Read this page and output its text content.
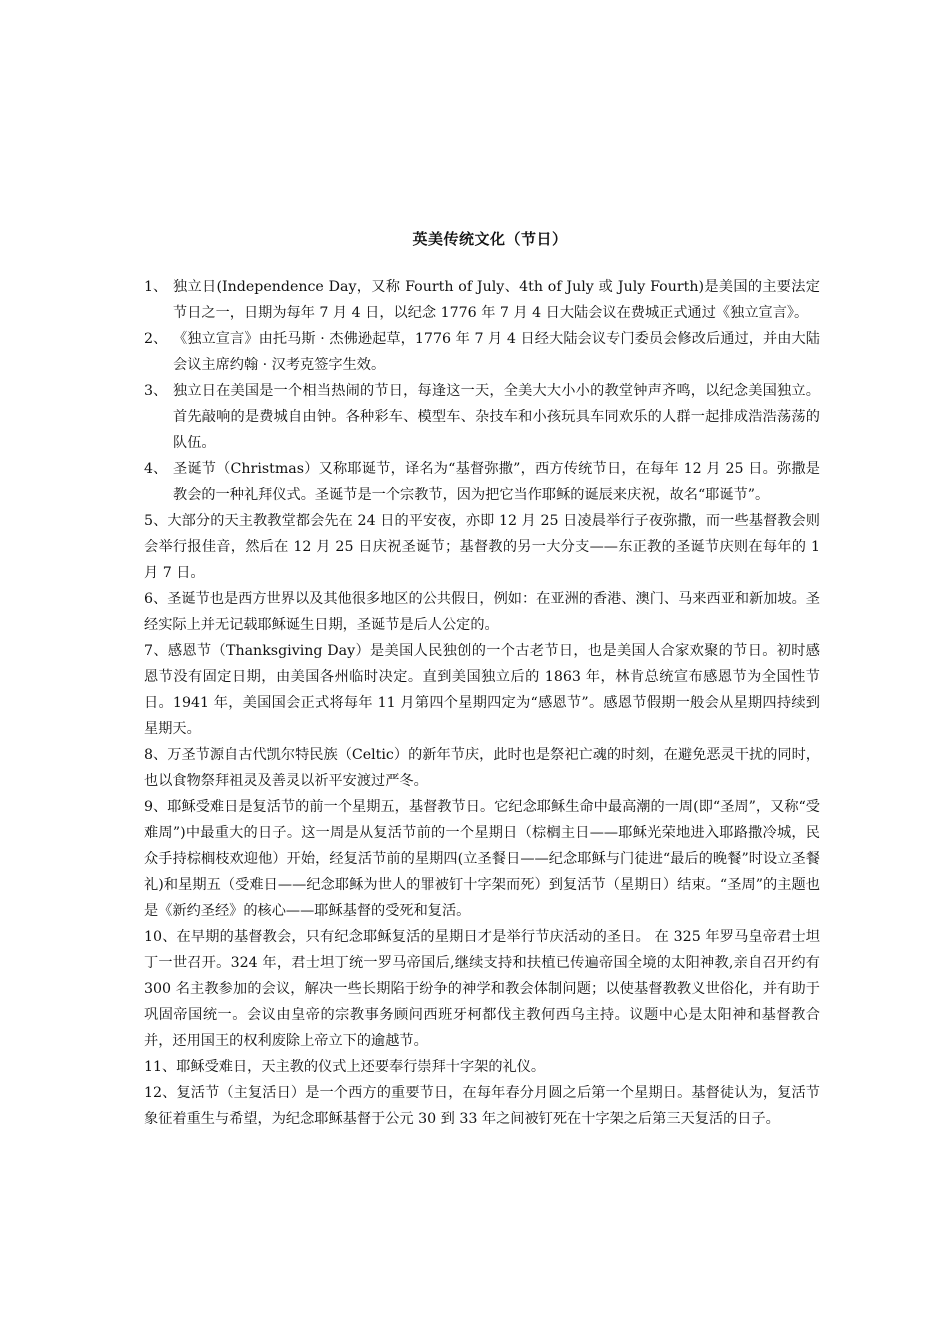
英美传统文化（节日）
1、 独立日(Independence Day，又称 Fourth of July、4th of July 或 July Fourth)是美国的主要法定节日之一，日期为每年 7 月 4 日，以纪念 1776 年 7 月 4 日大陆会议在费城正式通过《独立宣言》。
2、 《独立宣言》由托马斯 · 杰佛逊起草，1776 年 7 月 4 日经大陆会议专门委员会修改后通过，并由大陆会议主席约翰 · 汉考克签字生效。
3、 独立日在美国是一个相当热闹的节日，每逢这一天，全美大大小小的教堂钟声齐鸣，以纪念美国独立。首先敲响的是费城自由钟。各种彩车、模型车、杂技车和小孩玩具车同欢乐的人群一起排成浩浩荡荡的队伍。
4、 圣诞节（Christmas）又称耶诞节，译名为“基督弥撒”，西方传统节日，在每年 12 月 25 日。弥撒是教会的一种礼拜仪式。圣诞节是一个宗教节，因为把它当作耶稣的诞辰来庆祝，故名“耶诞节”。

5、大部分的天主教教堂都会先在 24 日的平安夜，亦即 12 月 25 日凌晨举行子夜弥撒，而一些基督教会则会举行报佳音，然后在 12 月 25 日庆祝圣诞节；基督教的另一大分支——东正教的圣诞节庆则在每年的 1 月 7 日。

6、圣诞节也是西方世界以及其他很多地区的公共假日，例如：在亚洲的香港、澳门、马来西亚和新加坡。圣经实际上并无记载耶稣诞生日期，圣诞节是后人公定的。

7、感恩节（Thanksgiving Day）是美国人民独创的一个古老节日，也是美国人合家欢聚的节日。初时感恩节没有固定日期，由美国各州临时决定。直到美国独立后的 1863 年，林肯总统宣布感恩节为全国性节日。1941 年，美国国会正式将每年 11 月第四个星期四定为“感恩节”。感恩节假期一般会从星期四持续到星期天。

8、万圣节源自古代凯尔特民族（Celtic）的新年节庆，此时也是祭祀亡魂的时刻，在避免恶灵干扰的同时，也以食物祭拜祖灵及善灵以祈平安渡过严冬。

9、耶稣受难日是复活节的前一个星期五，基督教节日。它纪念耶稣生命中最高潮的一周(即“圣周”，又称“受难周”)中最重大的日子。这一周是从复活节前的一个星期日（棕榈主日——耶稣光荣地进入耶路撒冷城，民众手持棕榈枝欢迎他）开始，经复活节前的星期四(立圣餐日——纪念耶稣与门徒进“最后的晚餐”时设立圣餐礼)和星期五（受难日——纪念耶稣为世人的罪被钉十字架而死）到复活节（星期日）结束。“圣周”的主题也是《新约圣经》的核心——耶稣基督的受死和复活。

10、在早期的基督教会，只有纪念耶稣复活的星期日才是举行节庆活动的圣日。 在 325 年罗马皇帝君士坦丁一世召开。324 年，君士坦丁统一罗马帝国后,继续支持和扶植已传遍帝国全境的太阳神教,亲自召开约有 300 名主教参加的会议，解决一些长期陷于纷争的神学和教会体制问题；以使基督教教义世俗化，并有助于巩固帝国统一。会议由皇帝的宗教事务顾问西班牙柯都伐主教何西乌主持。议题中心是太阳神和基督教合并，还用国王的权利废除上帝立下的逾越节。

11、耶稣受难日，天主教的仪式上还要奉行崇拜十字架的礼仪。

12、复活节（主复活日）是一个西方的重要节日，在每年春分月圆之后第一个星期日。基督徒认为，复活节象征着重生与希望，为纪念耶稣基督于公元 30 到 33 年之间被钉死在十字架之后第三天复活的日子。
